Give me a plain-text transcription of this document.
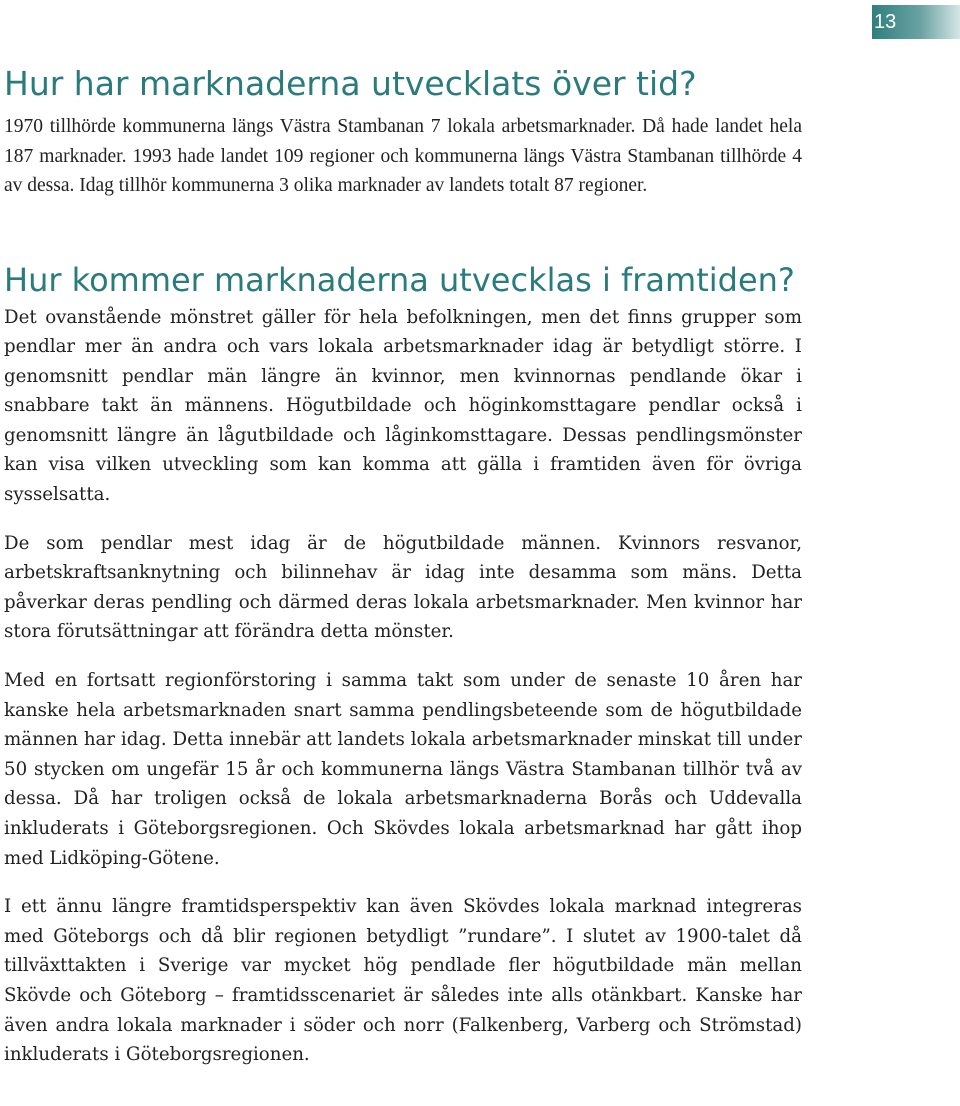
13
Hur har marknaderna utvecklats över tid?

1970 tillhörde kommunerna längs Västra Stambanan 7 lokala arbetsmarknader. Då hade landet hela 187 marknader. 1993 hade landet 109 regioner och kommunerna längs Västra Stambanan tillhörde 4 av dessa. Idag tillhör kommunerna 3 olika marknader av landets totalt 87 regioner.

Hur kommer marknaderna utvecklas i framtiden?

Det ovanstående mönstret gäller för hela befolkningen, men det finns grupper som pendlar mer än andra och vars lokala arbetsmarknader idag är betydligt större. I genomsnitt pendlar män längre än kvinnor, men kvinnornas pendlande ökar i snabbare takt än männens. Högutbildade och höginkomsttagare pendlar också i genomsnitt längre än lågutbildade och låginkomsttagare. Dessas pendlingsmönster kan visa vilken utveckling som kan komma att gälla i framtiden även för övriga sysselsatta.

De som pendlar mest idag är de högutbildade männen. Kvinnors resvanor, arbetskraftsanknytning och bilinnehav är idag inte desamma som mäns. Detta påverkar deras pendling och därmed deras lokala arbetsmarknader. Men kvinnor har stora förutsättningar att förändra detta mönster.

Med en fortsatt regionförstoring i samma takt som under de senaste 10 åren har kanske hela arbetsmarknaden snart samma pendlingsbeteende som de högutbildade männen har idag. Detta innebär att landets lokala arbetsmarknader minskat till under 50 stycken om ungefär 15 år och kommunerna längs Västra Stambanan tillhör två av dessa. Då har troligen också de lokala arbetsmarknaderna Borås och Uddevalla inkluderats i Göteborgsregionen. Och Skövdes lokala arbetsmarknad har gått ihop med Lidköping-Götene.

I ett ännu längre framtidsperspektiv kan även Skövdes lokala marknad integreras med Göteborgs och då blir regionen betydligt ”rundare”. I slutet av 1900-talet då tillväxttakten i Sverige var mycket hög pendlade fler högutbildade män mellan Skövde och Göteborg – framtidsscenariet är således inte alls otänkbart. Kanske har även andra lokala marknader i söder och norr (Falkenberg, Varberg och Strömstad) inkluderats i Göteborgsregionen.
